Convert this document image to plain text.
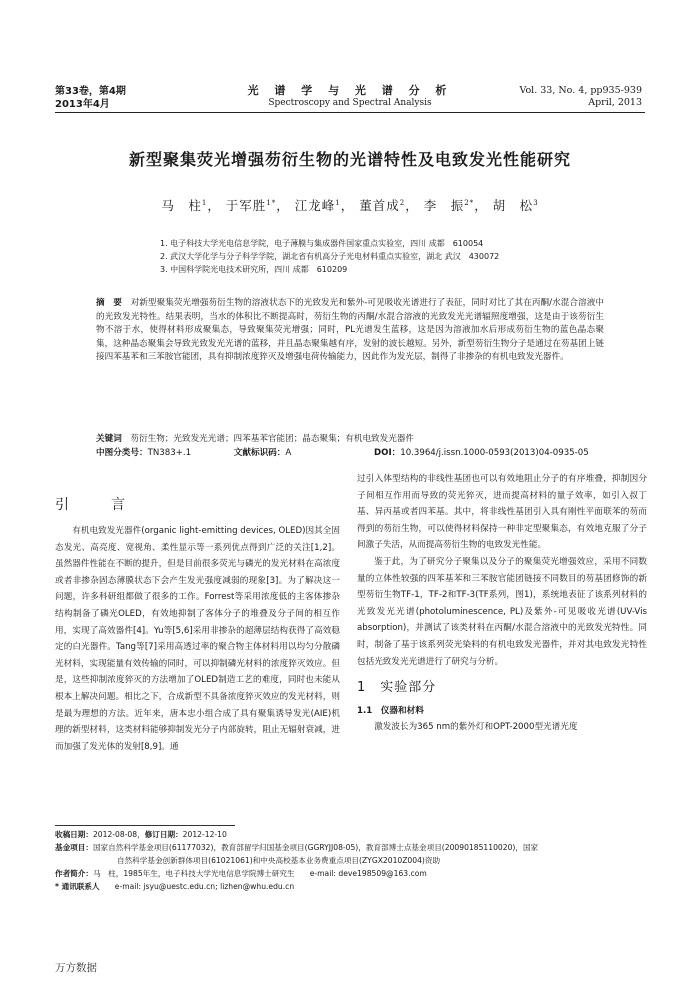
第33卷，第4期
2013年4月
光 谱 学 与 光 谱 分 析
Spectroscopy and Spectral Analysis
Vol. 33, No. 4, pp935-939
April, 2013
新型聚集荧光增强芴衍生物的光谱特性及电致发光性能研究
马　柱$^1$， 于军胜$^{1*}$， 江龙峰$^1$， 董首成$^2$， 李　振$^{2*}$， 胡　松$^3$
1. 电子科技大学光电信息学院，电子薄膜与集成器件国家重点实验室，四川 成都　610054
2. 武汉大学化学与分子科学学院，湖北省有机高分子光电材料重点实验室，湖北 武汉　430072
3. 中国科学院光电技术研究所，四川 成都　610209
摘　要　 对新型聚集荧光增强芴衍生物的溶液状态下的光致发光和紫外-可见吸收光谱进行了表征，同时对比了其在丙酮/水混合溶液中的光致发光特性。结果表明，当水的体积比不断提高时，芴衍生物的丙酮/水混合溶液的光致发光光谱辐照度增强，这是由于该芴衍生物不溶于水，使得材料形成聚集态，导致聚集荧光增强；同时，PL光谱发生蓝移，这是因为溶液加水后形成芴衍生物的蓝色晶态聚集，这种晶态聚集会导致光致发光光谱的蓝移，并且晶态聚集越有序，发射的波长越短。另外，新型芴衍生物分子是通过在芴基团上链接四苯基苯和三苯胺官能团，具有抑制浓度猝灭及增强电荷传输能力，因此作为发光层，制得了非掺杂的有机电致发光器件。
关键词　 芴衍生物；光致发光光谱；四苯基苯官能团；晶态聚集；有机电致发光器件
中图分类号：TN383+.1	文献标识码：A	DOI：10.3964/j.issn.1000-0593(2013)04-0935-05
引　言

有机电致发光器件(organic light-emitting devices, OLED)因其全固态发光、高亮度、宽视角、柔性显示等一系列优点得到广泛的关注[1,2]。虽然器件性能在不断的提升，但是目前很多荧光与磷光的发光材料在高浓度或者非掺杂固态薄膜状态下会产生发光强度减弱的现象[3]。为了解决这一问题，许多科研组都做了很多的工作。Forrest等采用浓度低的主客体掺杂结构制备了磷光OLED，有效地抑制了客体分子的堆叠及分子间的相互作用，实现了高效器件[4]。Yu等[5,6]采用非掺杂的超薄层结构获得了高效稳定的白光器件。Tang等[7]采用高透过率的聚合物主体材料用以均匀分散磷光材料，实现能量有效传输的同时，可以抑制磷光材料的浓度猝灭效应。但是，这些抑制浓度猝灭的方法增加了OLED制造工艺的难度，同时也未能从根本上解决问题。相比之下，合成新型不具备浓度猝灭效应的发光材料，则是最为理想的方法。近年来，唐本忠小组合成了具有聚集诱导发光(AIE)机理的新型材料，这类材料能够抑制发光分子内部旋转，阻止无辐射衰减，进而加强了发光体的发射[8,9]。通

过引入体型结构的非线性基团也可以有效地阻止分子的有序堆叠，抑制因分子间相互作用而导致的荧光猝灭，进而提高材料的量子效率，如引入叔丁基、异丙基或者四苯基。其中，将非线性基团引入具有刚性平面联苯的芴而得到的芴衍生物，可以使得材料保持一种非定型聚集态，有效地克服了分子间激子失活，从而提高芴衍生物的电致发光性能。

鉴于此，为了研究分子聚集以及分子的聚集荧光增强效应，采用不同数量的立体性较强的四苯基苯和三苯胺官能团链接不同数目的芴基团修饰的新型芴衍生物TF-1，TF-2和TF-3(TF系列，图1)，系统地表征了该系列材料的光致发光光谱(photoluminescence, PL)及紫外-可见吸收光谱(UV-Vis absorption)，并测试了该类材料在丙酮/水混合溶液中的光致发光特性。同时，制备了基于该系列荧光染料的有机电致发光器件，并对其电致发光特性包括光致发光光谱进行了研究与分析。

1　实验部分
1.1　仪器和材料

激发波长为365 nm的紫外灯和OPT-2000型光谱光度

收稿日期：2012-08-08，修订日期：2012-12-10
基金项目：国家自然科学基金项目(61177032)，教育部留学归国基金项目(GGRYJJ08-05)，教育部博士点基金项目(20090185110020)，国家
自然科学基金创新群体项目(61021061)和中央高校基本业务费重点项目(ZYGX2010Z004)资助
作者简介：马　柱，1985年生，电子科技大学光电信息学院博士研究生　　e-mail: deve198509@163.com
* 通讯联系人　　e-mail: jsyu@uestc.edu.cn; lizhen@whu.edu.cn
万方数据
